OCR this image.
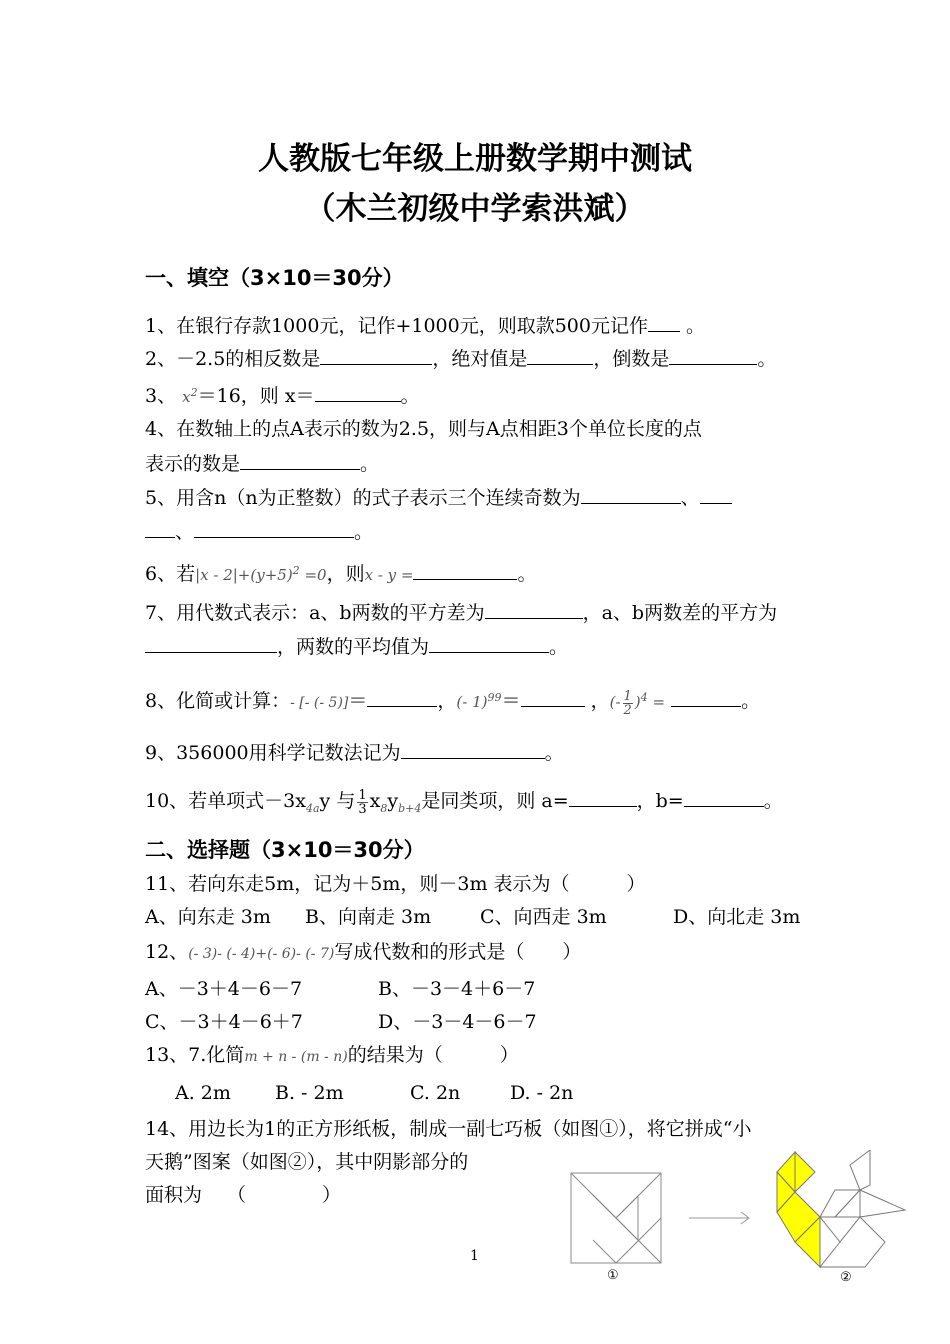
人教版七年级上册数学期中测试
（木兰初级中学索洪斌）
一、填空（3×10＝30分）
1、在银行存款1000元，记作+1000元，则取款500元记作 。
2、－2.5的相反数是	，绝对值是	，倒数是	。
3、 $x^2=16$，则 x＝	。
4、在数轴上的点A表示的数为2.5，则与A点相距3个单位长度的点
表示的数是	。
5、用含n（n为正整数）的式子表示三个连续奇数为	、
、	。
6、若$|x - 2|+(y+5)^2 =0$，则x - y =	。
7、用代数式表示：a、b两数的平方差为	，a、b两数差的平方为
，两数的平均值为	。
8、化简或计算：- [- (- 5)]＝	，(- 1)$^{99}$＝	，(- $\frac{1}{2} )^4$ =	。
9、356000用科学记数法记为	。
10、若单项式$-3x_{4a}y$ 与 $\frac{1}{3} x_8y_{b+4}$是同类项，则 a=	，b=	。
二、选择题（3×10＝30分）
11、若向东走5m，记为＋5m，则－3m 表示为（　　　）
A、向东走 3m B、向南走 3m	C、向西走 3m	D、向北走 3m
12、(- 3)- (- 4)+(- 6)- (- 7)写成代数和的形式是（　　）
A、－3＋4－6－7	B、－3－4＋6－7
C、－3＋4－6＋7	D、－3－4－6－7
13、7.化简m + n - (m - n)的结果为（　　　）
A. 2m B. - 2m	C. 2n	D. - 2n
14、用边长为1的正方形纸板，制成一副七巧板（如图①），将它拼成“小
天鹅”图案（如图②），其中阴影部分的
面积为　 （　　　　）
①	②
1
